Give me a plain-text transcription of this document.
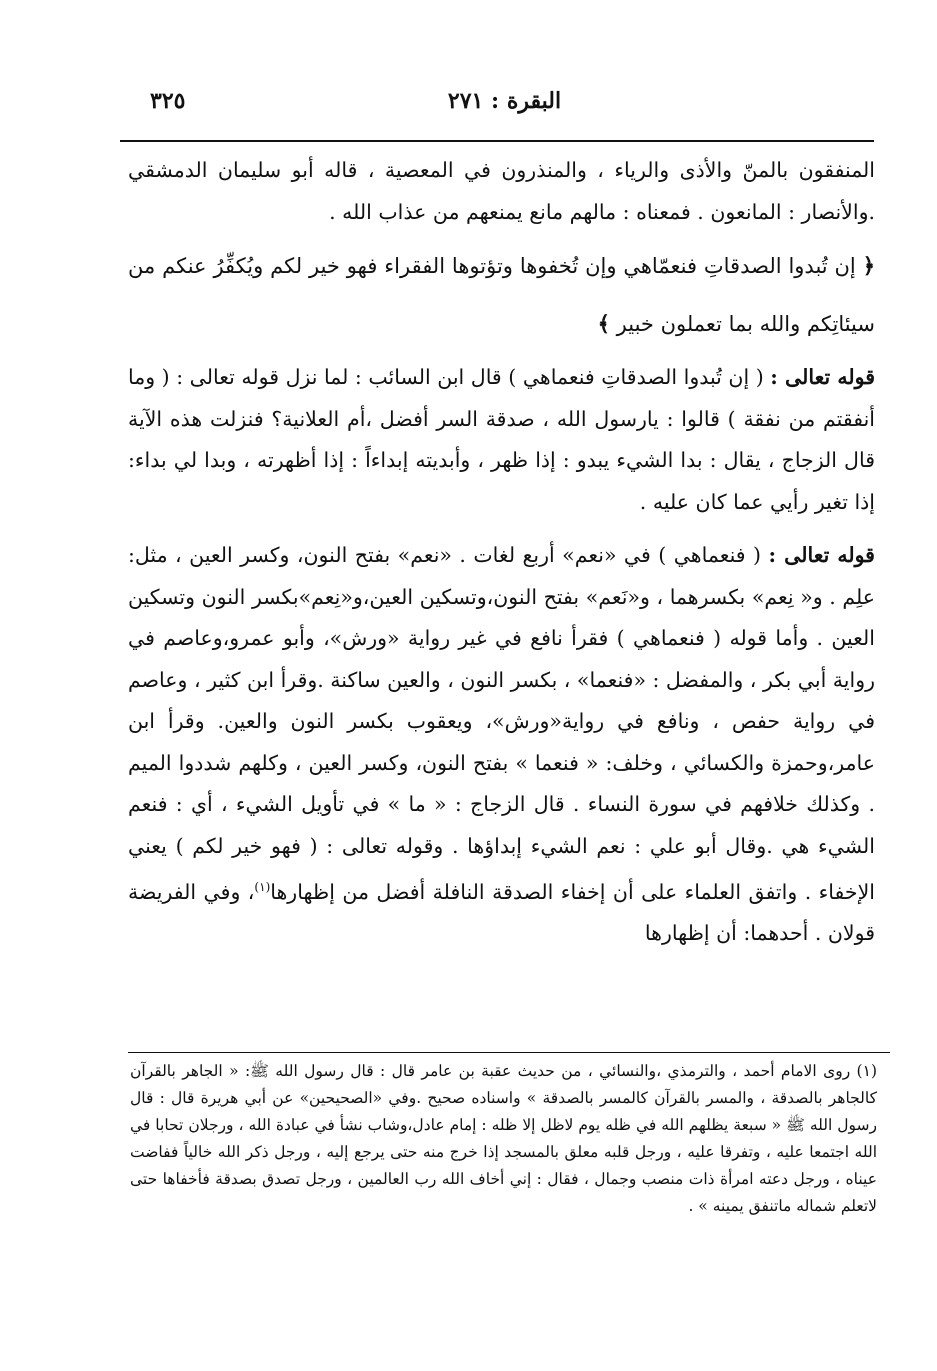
البقرة : ٢٧١
٣٢٥

المنفقون بالمنّ والأذى والرياء ، والمنذرون في المعصية ، قاله أبو سليمان الدمشقي .والأنصار : المانعون . فمعناه : مالهم مانع يمنعهم من عذاب الله .

﴿ إن تُبدوا الصدقاتِ فنعمّاهي وإن تُخفوها وتؤتوها الفقراء فهو خير لكم ويُكفِّرُ عنكم من سيئاتِكم والله بما تعملون خبير ﴾

قوله تعالى : ( إن تُبدوا الصدقاتِ فنعماهي ) قال ابن السائب : لما نزل قوله تعالى : ( وما أنفقتم من نفقة ) قالوا : يارسول الله ، صدقة السر أفضل ،أم العلانية؟ فنزلت هذه الآية قال الزجاج ، يقال : بدا الشيء يبدو : إذا ظهر ، وأبديته إبداءاً : إذا أظهرته ، وبدا لي بداء: إذا تغير رأيي عما كان عليه .

قوله تعالى : ( فنعماهي ) في «نعم» أربع لغات . «نعم» بفتح النون، وكسر العين ، مثل: علِم . و« نِعم» بكسرهما ، و«نَعم» بفتح النون،وتسكين العين،و«نِعم»بكسر النون وتسكين العين . وأما قوله ( فنعماهي ) فقرأ نافع في غير رواية «ورش»، وأبو عمرو،وعاصم في رواية أبي بكر ، والمفضل : «فنعما» ، بكسر النون ، والعين ساكنة .وقرأ ابن كثير ، وعاصم في رواية حفص ، ونافع في رواية«ورش»، ويعقوب بكسر النون والعين. وقرأ ابن عامر،وحمزة والكسائي ، وخلف: « فنعما » بفتح النون، وكسر العين ، وكلهم شددوا الميم . وكذلك خلافهم في سورة النساء . قال الزجاج : « ما » في تأويل الشيء ، أي : فنعم الشيء هي .وقال أبو علي : نعم الشيء إبداؤها . وقوله تعالى : ( فهو خير لكم ) يعني الإخفاء . واتفق العلماء على أن إخفاء الصدقة النافلة أفضل من إظهارها$^{(١)}$، وفي الفريضة قولان . أحدهما: أن إظهارها

(١) روى الامام أحمد ، والترمذي ،والنسائي ، من حديث عقبة بن عامر قال : قال رسول الله ﷺ: « الجاهر بالقرآن كالجاهر بالصدقة ، والمسر بالقرآن كالمسر بالصدقة » واسناده صحيح .وفي «الصحيحين» عن أبي هريرة قال : قال رسول الله ﷺ « سبعة يظلهم الله في ظله يوم لاظل إلا ظله : إمام عادل،وشاب نشأ في عبادة الله ، ورجلان تحابا في الله اجتمعا عليه ، وتفرقا عليه ، ورجل قلبه معلق بالمسجد إذا خرج منه حتى يرجع إليه ، ورجل ذكر الله خالياً ففاضت عيناه ، ورجل دعته امرأة ذات منصب وجمال ، فقال : إني أخاف الله رب العالمين ، ورجل تصدق بصدقة فأخفاها حتى لاتعلم شماله ماتنفق يمينه » .
